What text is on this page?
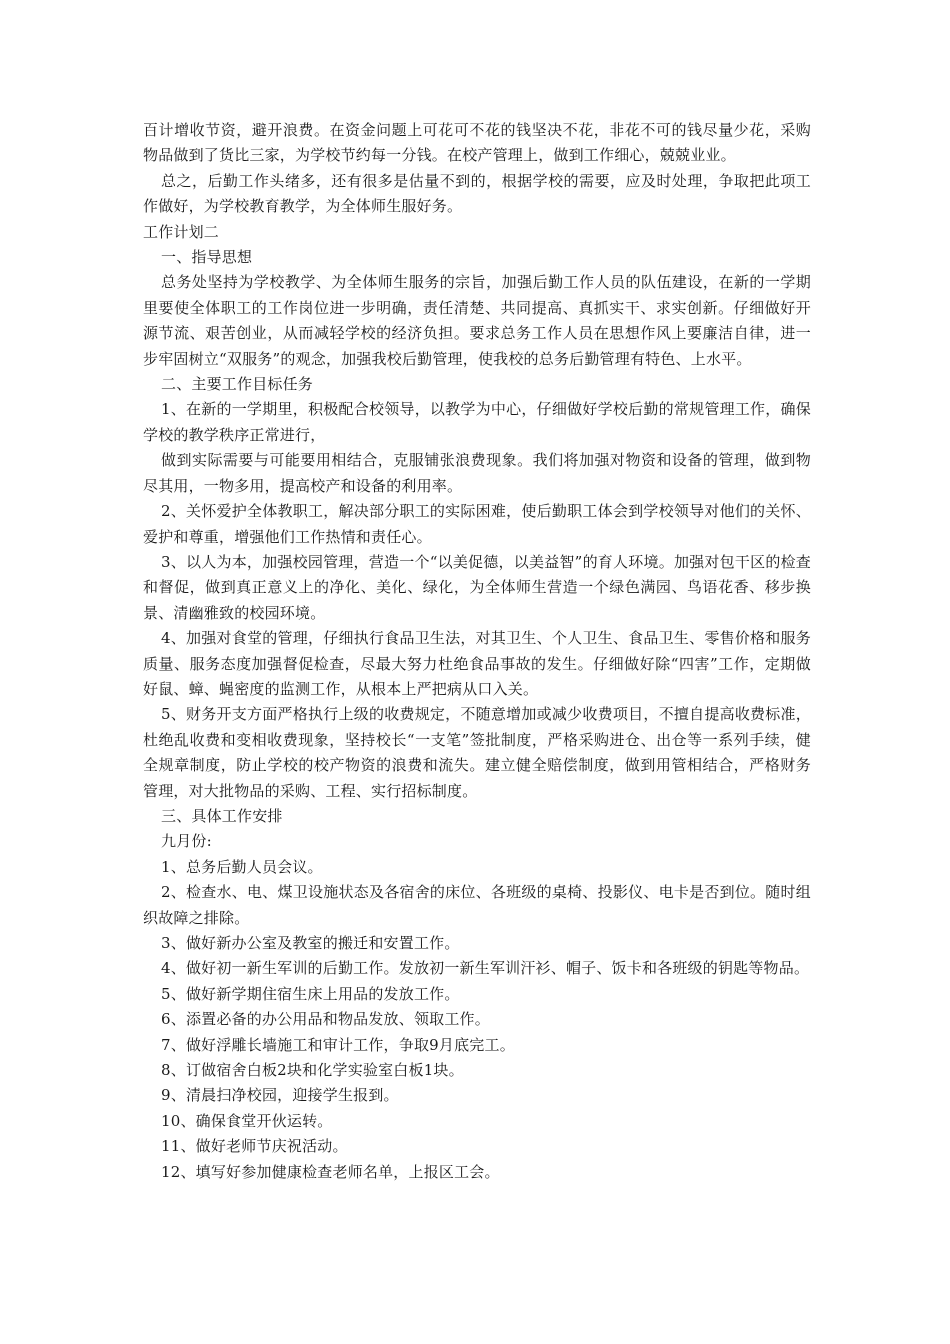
百计增收节资，避开浪费。在资金问题上可花可不花的钱坚决不花，非花不可的钱尽量少花，采购物品做到了货比三家，为学校节约每一分钱。在校产管理上，做到工作细心，兢兢业业。

总之，后勤工作头绪多，还有很多是估量不到的，根据学校的需要，应及时处理，争取把此项工作做好，为学校教育教学，为全体师生服好务。

工作计划二

一、指导思想

总务处坚持为学校教学、为全体师生服务的宗旨，加强后勤工作人员的队伍建设，在新的一学期里要使全体职工的工作岗位进一步明确，责任清楚、共同提高、真抓实干、求实创新。仔细做好开源节流、艰苦创业，从而减轻学校的经济负担。要求总务工作人员在思想作风上要廉洁自律，进一步牢固树立“双服务”的观念，加强我校后勤管理，使我校的总务后勤管理有特色、上水平。

二、主要工作目标任务

1、在新的一学期里，积极配合校领导，以教学为中心，仔细做好学校后勤的常规管理工作，确保学校的教学秩序正常进行，

做到实际需要与可能要用相结合，克服铺张浪费现象。我们将加强对物资和设备的管理，做到物尽其用，一物多用，提高校产和设备的利用率。

2、关怀爱护全体教职工，解决部分职工的实际困难，使后勤职工体会到学校领导对他们的关怀、爱护和尊重，增强他们工作热情和责任心。

3、以人为本，加强校园管理，营造一个“以美促德，以美益智”的育人环境。加强对包干区的检查和督促，做到真正意义上的净化、美化、绿化，为全体师生营造一个绿色满园、鸟语花香、移步换景、清幽雅致的校园环境。

4、加强对食堂的管理，仔细执行食品卫生法，对其卫生、个人卫生、食品卫生、零售价格和服务质量、服务态度加强督促检查，尽最大努力杜绝食品事故的发生。仔细做好除“四害”工作，定期做好鼠、蟑、蝇密度的监测工作，从根本上严把病从口入关。

5、财务开支方面严格执行上级的收费规定，不随意增加或减少收费项目，不擅自提高收费标准，杜绝乱收费和变相收费现象，坚持校长“一支笔”签批制度，严格采购进仓、出仓等一系列手续，健全规章制度，防止学校的校产物资的浪费和流失。建立健全赔偿制度，做到用管相结合，严格财务管理，对大批物品的采购、工程、实行招标制度。

三、具体工作安排

九月份:

1、总务后勤人员会议。

2、检查水、电、煤卫设施状态及各宿舍的床位、各班级的桌椅、投影仪、电卡是否到位。随时组织故障之排除。

3、做好新办公室及教室的搬迁和安置工作。

4、做好初一新生军训的后勤工作。发放初一新生军训汗衫、帽子、饭卡和各班级的钥匙等物品。

5、做好新学期住宿生床上用品的发放工作。

6、添置必备的办公用品和物品发放、领取工作。

7、做好浮雕长墙施工和审计工作，争取9月底完工。

8、订做宿舍白板2块和化学实验室白板1块。

9、清晨扫净校园，迎接学生报到。

10、确保食堂开伙运转。

11、做好老师节庆祝活动。

12、填写好参加健康检查老师名单，上报区工会。
